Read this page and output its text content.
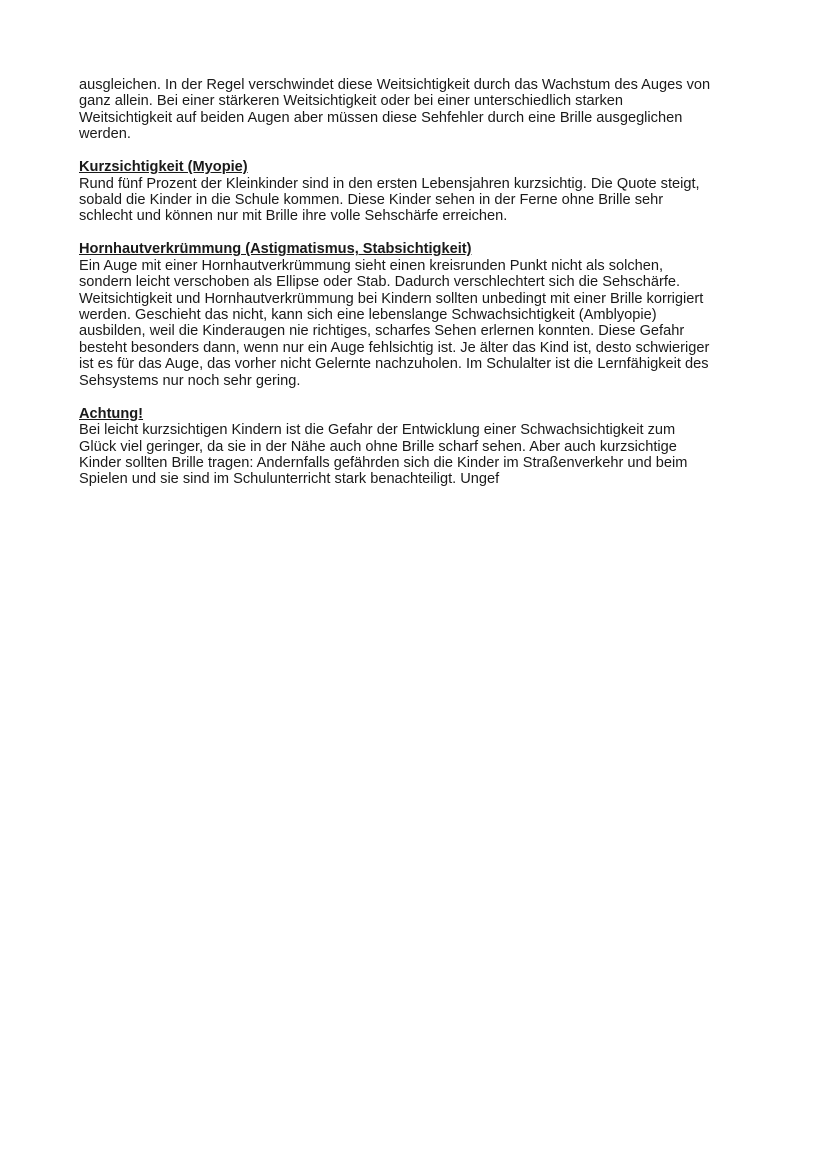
ausgleichen. In der Regel verschwindet diese Weitsichtigkeit durch das Wachstum des Auges von
ganz allein. Bei einer stärkeren Weitsichtigkeit oder bei einer unterschiedlich starken
Weitsichtigkeit auf beiden Augen aber müssen diese Sehfehler durch eine Brille ausgeglichen
werden.
Kurzsichtigkeit (Myopie)
Rund fünf Prozent der Kleinkinder sind in den ersten Lebensjahren kurzsichtig. Die Quote steigt,
sobald die Kinder in die Schule kommen. Diese Kinder sehen in der Ferne ohne Brille sehr
schlecht und können nur mit Brille ihre volle Sehschärfe erreichen.
Hornhautverkrümmung (Astigmatismus, Stabsichtigkeit)
Ein Auge mit einer Hornhautverkrümmung sieht einen kreisrunden Punkt nicht als solchen,
sondern leicht verschoben als Ellipse oder Stab. Dadurch verschlechtert sich die Sehschärfe.
Weitsichtigkeit und Hornhautverkrümmung bei Kindern sollten unbedingt mit einer Brille korrigiert
werden. Geschieht das nicht, kann sich eine lebenslange Schwachsichtigkeit (Amblyopie)
ausbilden, weil die Kinderaugen nie richtiges, scharfes Sehen erlernen konnten. Diese Gefahr
besteht besonders dann, wenn nur ein Auge fehlsichtig ist. Je älter das Kind ist, desto schwieriger
ist es für das Auge, das vorher nicht Gelernte nachzuholen. Im Schulalter ist die Lernfähigkeit des
Sehsystems nur noch sehr gering.
Achtung!
Bei leicht kurzsichtigen Kindern ist die Gefahr der Entwicklung einer Schwachsichtigkeit zum
Glück viel geringer, da sie in der Nähe auch ohne Brille scharf sehen. Aber auch kurzsichtige
Kinder sollten Brille tragen: Andernfalls gefährden sich die Kinder im Straßenverkehr und beim
Spielen und sie sind im Schulunterricht stark benachteiligt. Ungef
